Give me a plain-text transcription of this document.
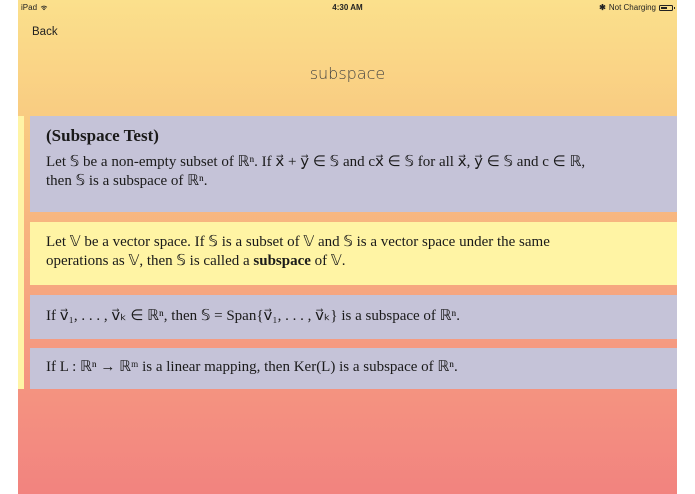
iPad	4:30 AM	✱ Not Charging
Back
subspace
(Subspace Test)
Let 𝕊 be a non-empty subset of ℝⁿ. If x⃗ + y⃗ ∈ 𝕊 and cx⃗ ∈ 𝕊 for all x⃗, y⃗ ∈ 𝕊 and c ∈ ℝ,
then 𝕊 is a subspace of ℝⁿ.
Let 𝕍 be a vector space. If 𝕊 is a subset of 𝕍 and 𝕊 is a vector space under the same
operations as 𝕍, then 𝕊 is called a subspace of 𝕍.
If v⃗₁, . . . , v⃗ₖ ∈ ℝⁿ, then 𝕊 = Span{v⃗₁, . . . , v⃗ₖ} is a subspace of ℝⁿ.
If L : ℝⁿ → ℝᵐ is a linear mapping, then Ker(L) is a subspace of ℝⁿ.
